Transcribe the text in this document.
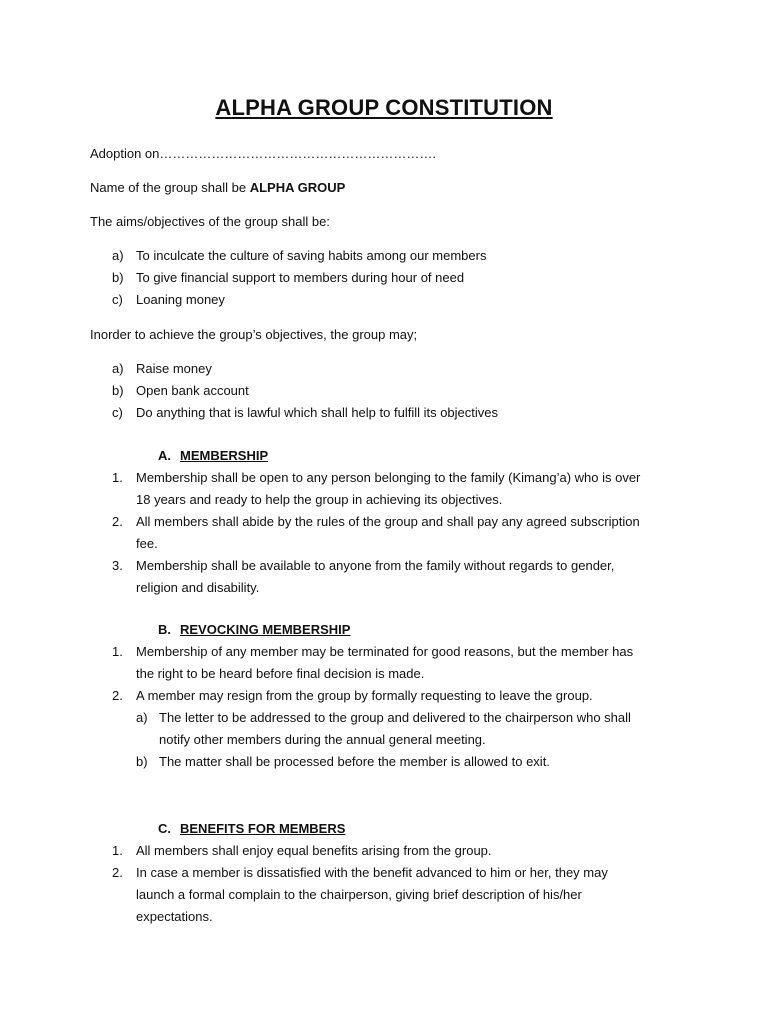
ALPHA GROUP CONSTITUTION
Adoption on……………………………………………………….
Name of the group shall be ALPHA GROUP
The aims/objectives of the group shall be:
a) To inculcate the culture of saving habits among our members
b) To give financial support to members during hour of need
c) Loaning money
Inorder to achieve the group’s objectives, the group may;
a) Raise money
b) Open bank account
c) Do anything that is lawful which shall help to fulfill its objectives
A. MEMBERSHIP
1. Membership shall be open to any person belonging to the family (Kimang’a) who is over
18 years and ready to help the group in achieving its objectives.
2. All members shall abide by the rules of the group and shall pay any agreed subscription
fee.
3. Membership shall be available to anyone from the family without regards to gender,
religion and disability.
B. REVOCKING MEMBERSHIP
1. Membership of any member may be terminated for good reasons, but the member has
the right to be heard before final decision is made.
2. A member may resign from the group by formally requesting to leave the group.
a) The letter to be addressed to the group and delivered to the chairperson who shall
notify other members during the annual general meeting.
b) The matter shall be processed before the member is allowed to exit.
C. BENEFITS FOR MEMBERS
1. All members shall enjoy equal benefits arising from the group.
2. In case a member is dissatisfied with the benefit advanced to him or her, they may
launch a formal complain to the chairperson, giving brief description of his/her
expectations.
